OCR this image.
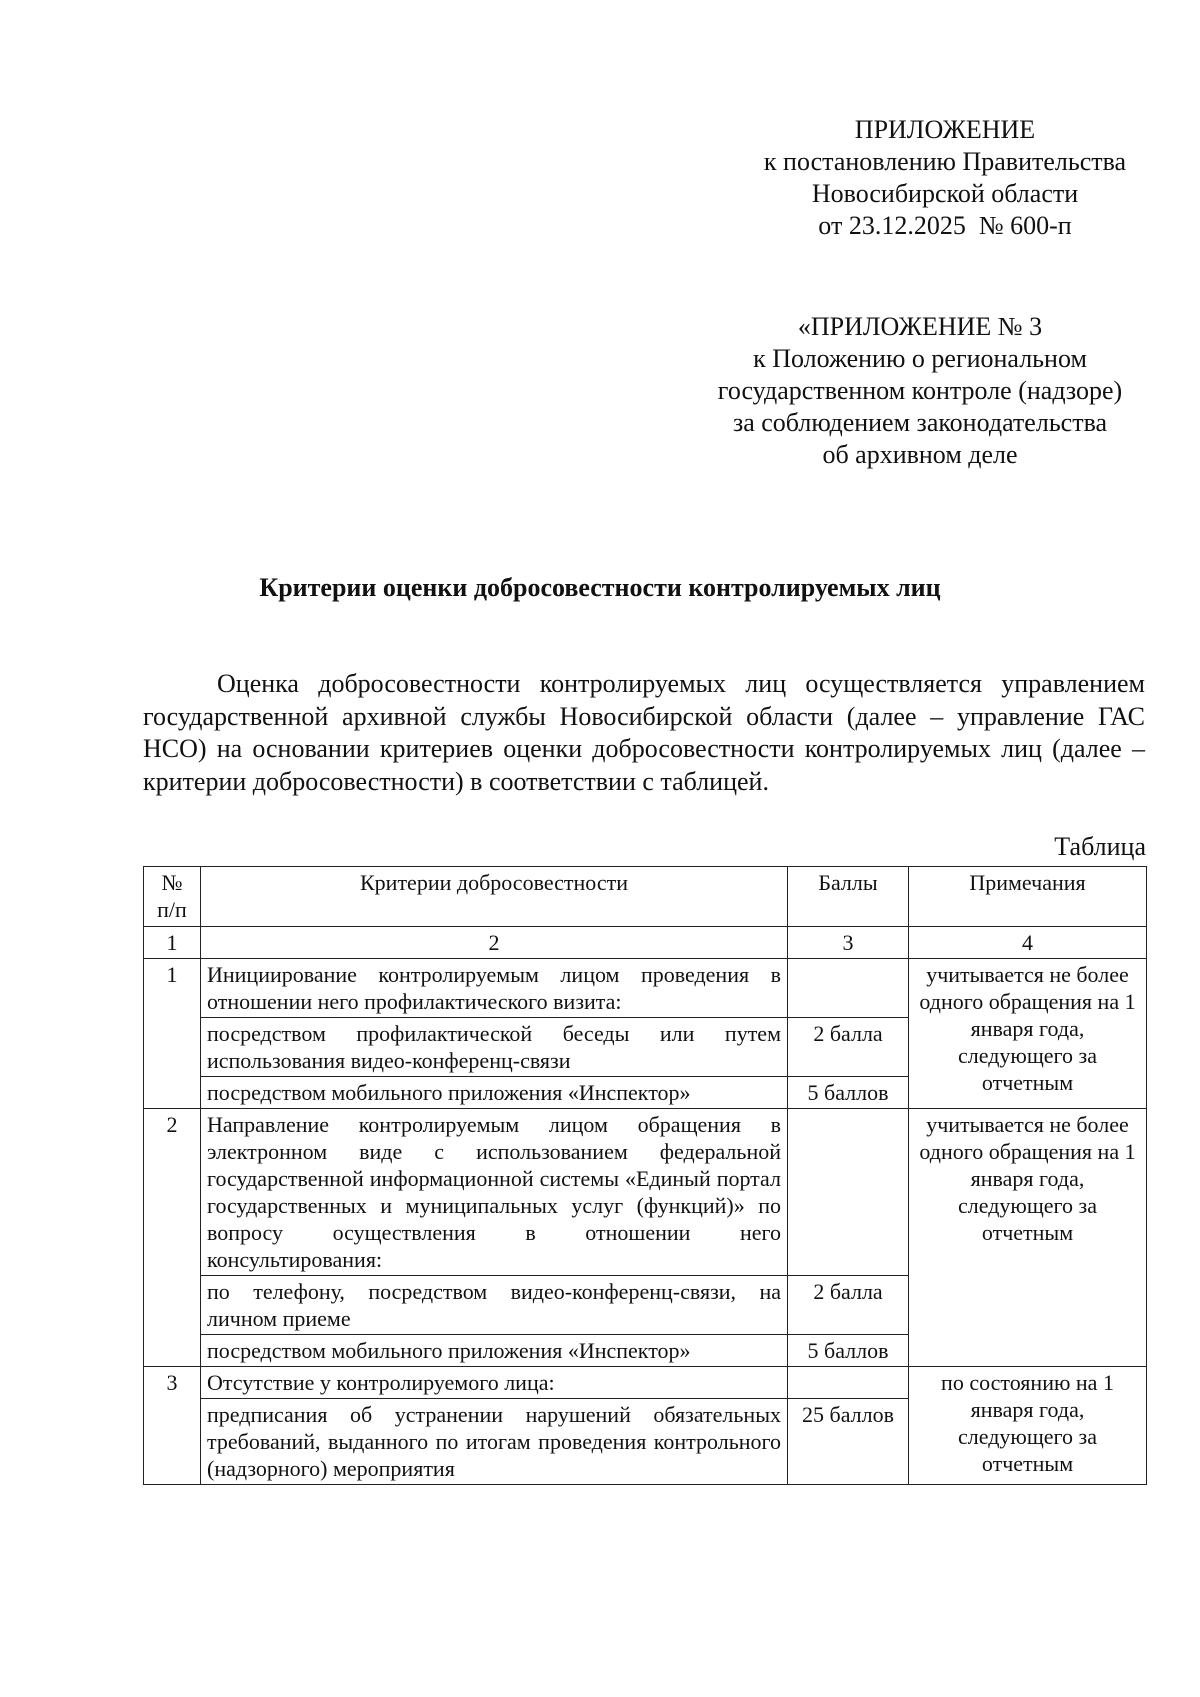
ПРИЛОЖЕНИЕ
к постановлению Правительства
Новосибирской области
от 23.12.2025  № 600-п
«ПРИЛОЖЕНИЕ № 3
к Положению о региональном
государственном контроле (надзоре)
за соблюдением законодательства
об архивном деле
Критерии оценки добросовестности контролируемых лиц

Оценка добросовестности контролируемых лиц осуществляется управлением государственной архивной службы Новосибирской области (далее – управление ГАС НСО) на основании критериев оценки добросовестности контролируемых лиц (далее – критерии добросовестности) в соответствии с таблицей.

Таблица
№ п/п	Критерии добросовестности	Баллы	Примечания
1	2	3	4
1	Инициирование контролируемым лицом проведения в отношении него профилактического визита:		учитывается не более одного обращения на 1 января года, следующего за отчетным
	посредством профилактической беседы или путем использования видео-конференц-связи	2 балла	
	посредством мобильного приложения «Инспектор»	5 баллов	
2	Направление контролируемым лицом обращения в электронном виде с использованием федеральной государственной информационной системы «Единый портал государственных и муниципальных услуг (функций)» по вопросу осуществления в отношении него консультирования:		учитывается не более одного обращения на 1 января года, следующего за отчетным
	по телефону, посредством видео-конференц-связи, на личном приеме	2 балла	
	посредством мобильного приложения «Инспектор»	5 баллов	
3	Отсутствие у контролируемого лица:		по состоянию на 1 января года, следующего за отчетным
	предписания об устранении нарушений обязательных требований, выданного по итогам проведения контрольного (надзорного) мероприятия	25 баллов	
